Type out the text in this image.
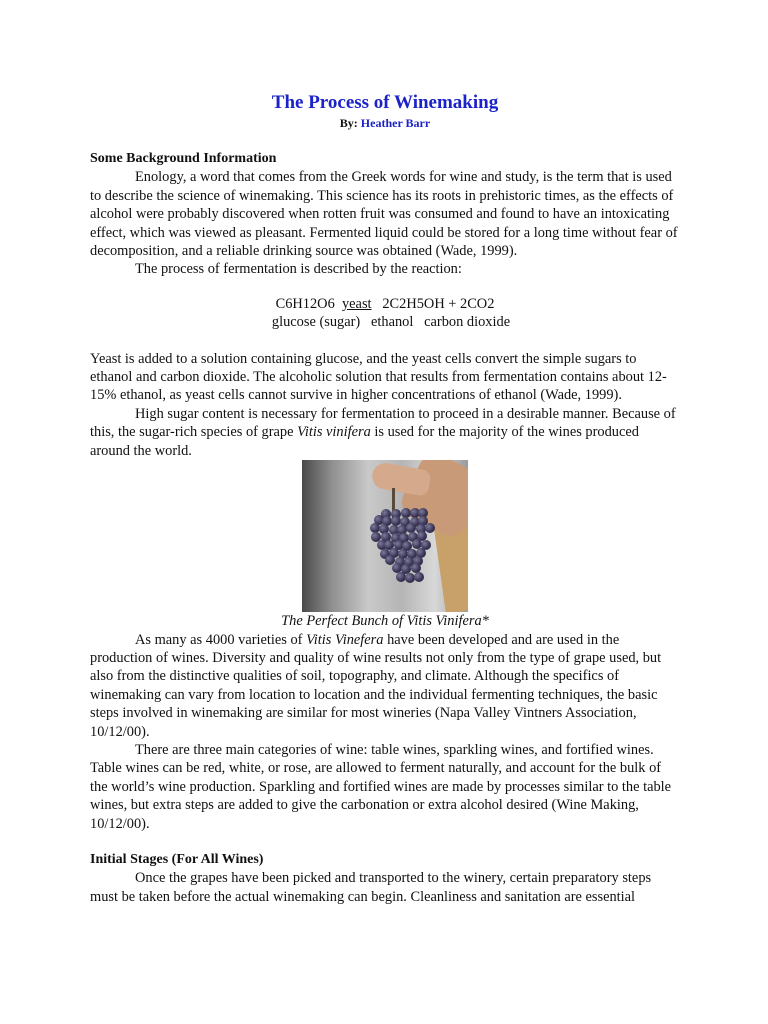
The Process of Winemaking

By: Heather Barr

Some Background Information

Enology, a word that comes from the Greek words for wine and study, is the term that is used to describe the science of winemaking. This science has its roots in prehistoric times, as the effects of alcohol were probably discovered when rotten fruit was consumed and found to have an intoxicating effect, which was viewed as pleasant. Fermented liquid could be stored for a long time without fear of decomposition, and a reliable drinking source was obtained (Wade, 1999).

The process of fermentation is described by the reaction:

C6H12O6 yeast 2C2H5OH + 2CO2
glucose (sugar)   ethanol   carbon dioxide

Yeast is added to a solution containing glucose, and the yeast cells convert the simple sugars to ethanol and carbon dioxide. The alcoholic solution that results from fermentation contains about 12-15% ethanol, as yeast cells cannot survive in higher concentrations of ethanol (Wade, 1999).

High sugar content is necessary for fermentation to proceed in a desirable manner. Because of this, the sugar-rich species of grape Vitis vinifera is used for the majority of the wines produced around the world.

The Perfect Bunch of Vitis Vinifera*

As many as 4000 varieties of Vitis Vinefera have been developed and are used in the production of wines. Diversity and quality of wine results not only from the type of grape used, but also from the distinctive qualities of soil, topography, and climate. Although the specifics of winemaking can vary from location to location and the individual fermenting techniques, the basic steps involved in winemaking are similar for most wineries (Napa Valley Vintners Association, 10/12/00).

There are three main categories of wine: table wines, sparkling wines, and fortified wines. Table wines can be red, white, or rose, are allowed to ferment naturally, and account for the bulk of the world’s wine production. Sparkling and fortified wines are made by processes similar to the table wines, but extra steps are added to give the carbonation or extra alcohol desired (Wine Making, 10/12/00).

Initial Stages (For All Wines)

Once the grapes have been picked and transported to the winery, certain preparatory steps must be taken before the actual winemaking can begin. Cleanliness and sanitation are essential
